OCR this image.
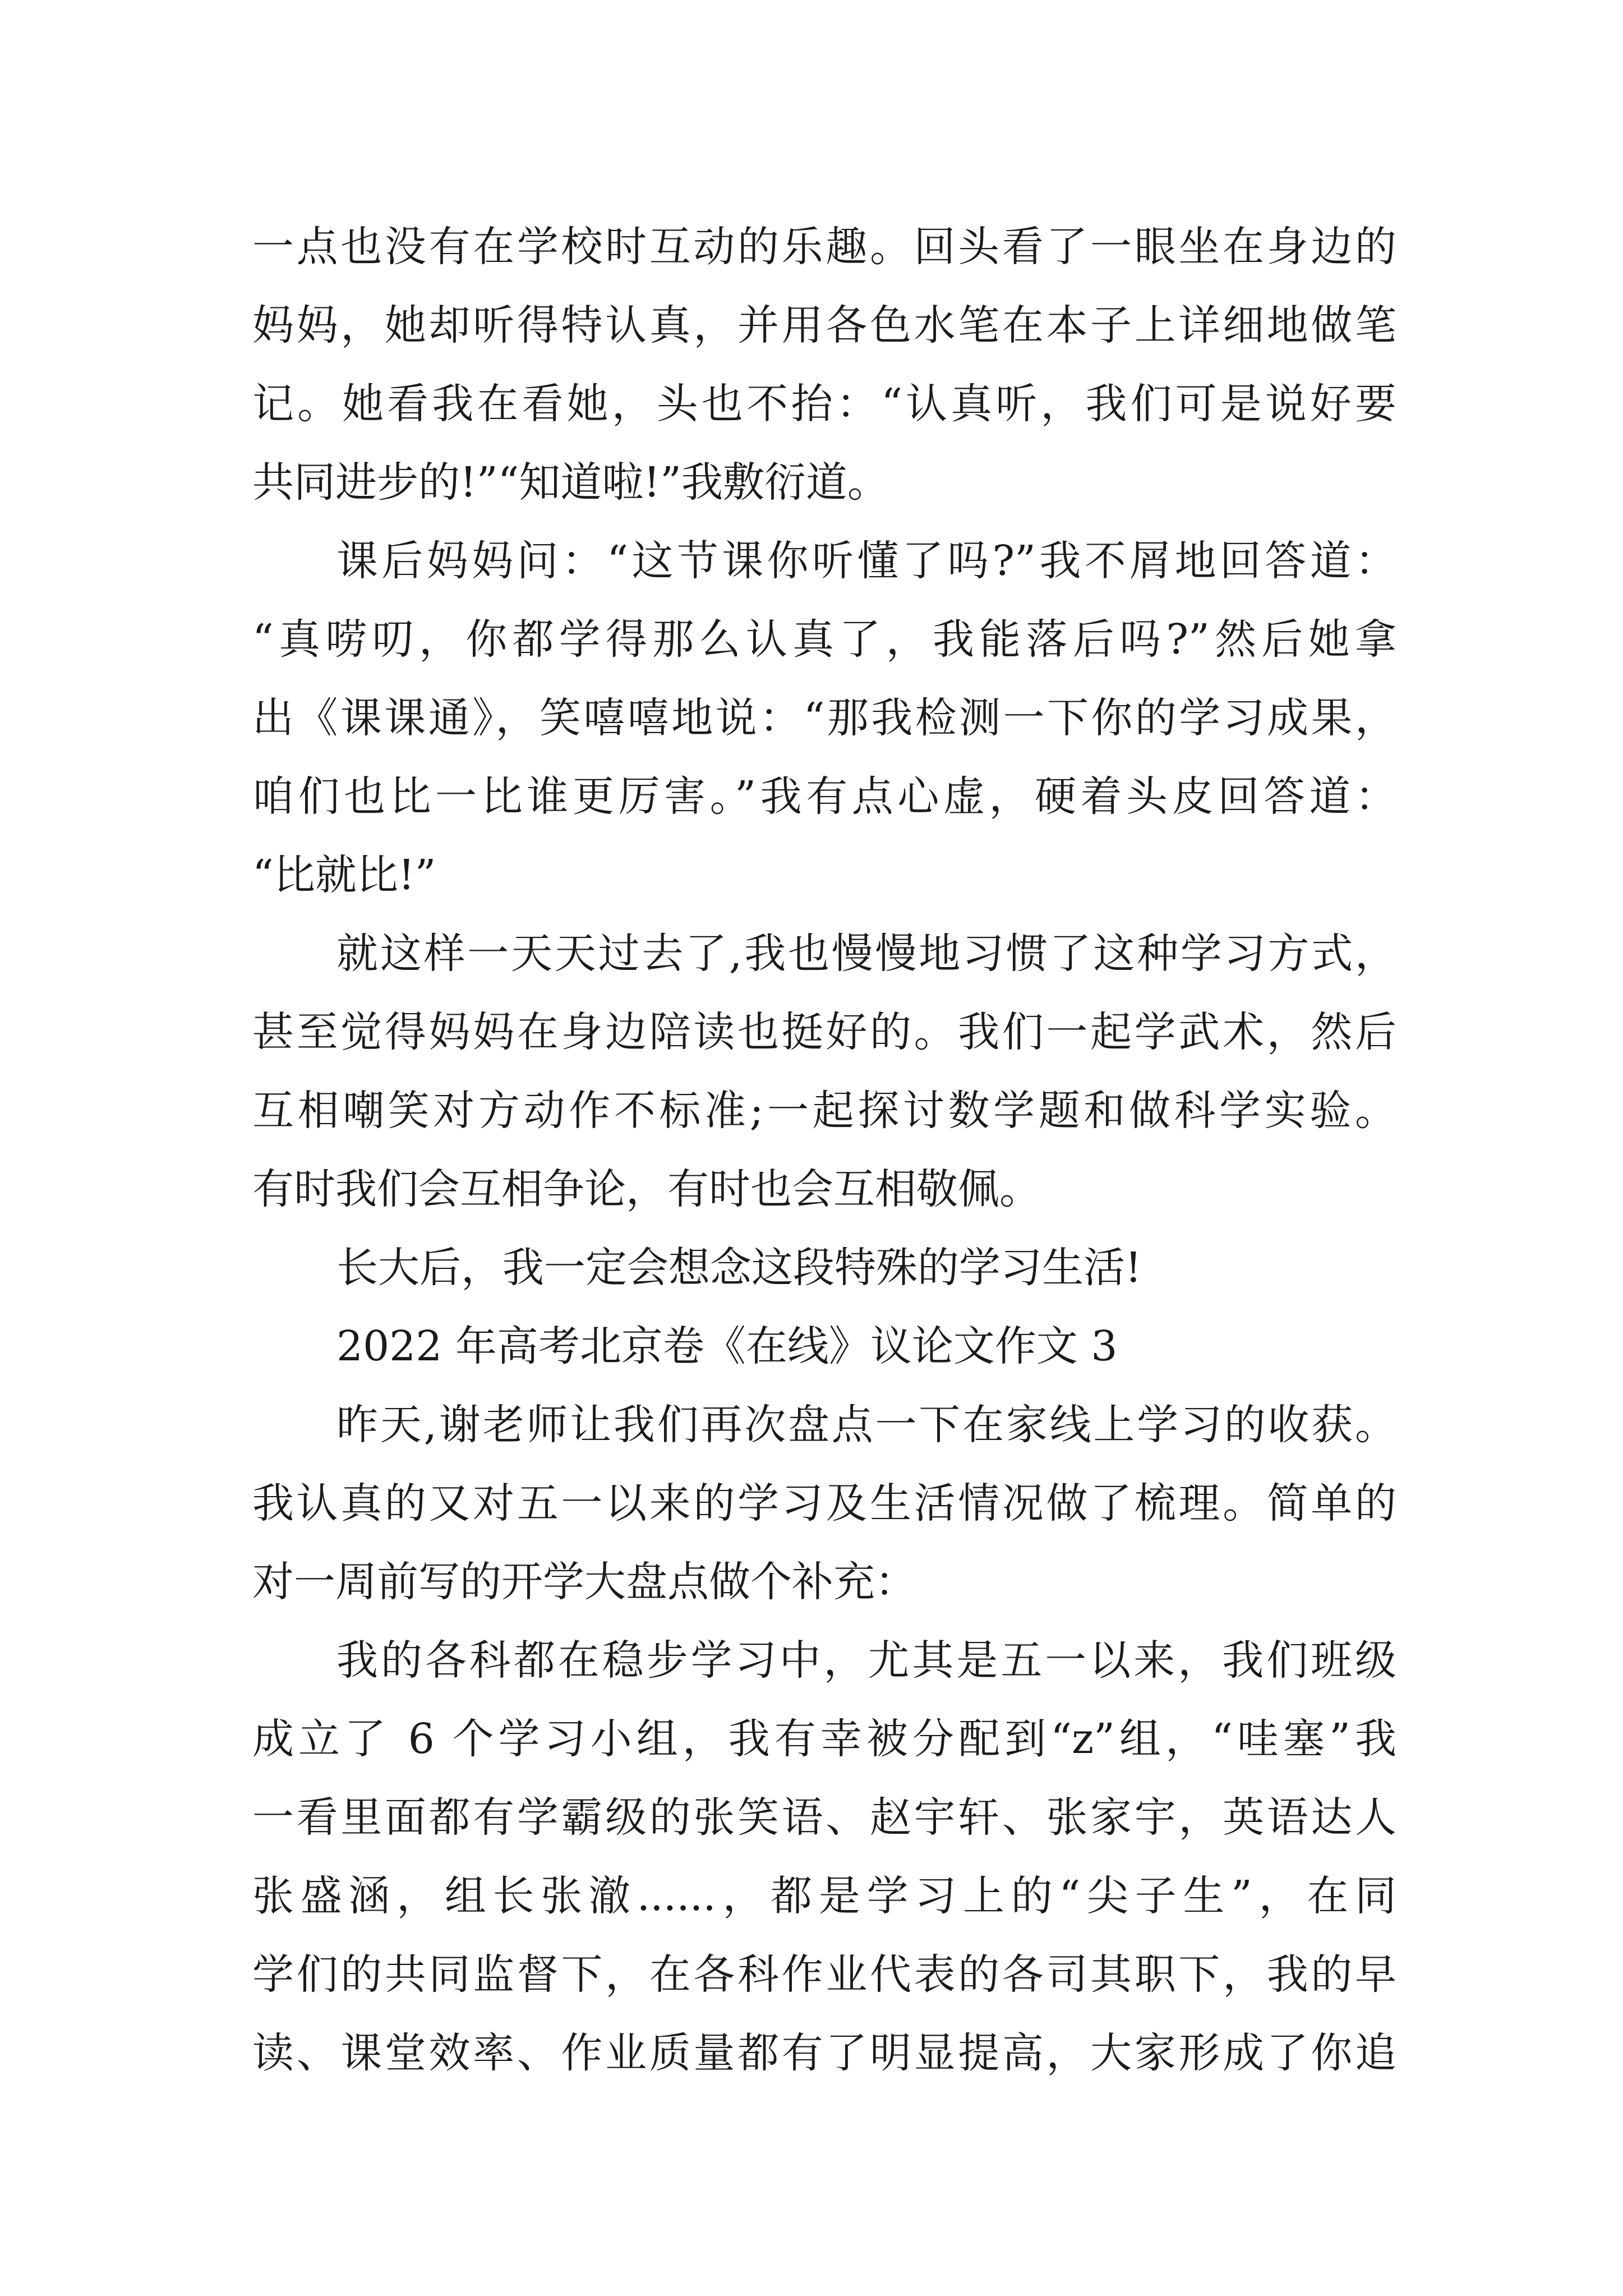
一点也没有在学校时互动的乐趣。回头看了一眼坐在身边的
妈妈，她却听得特认真，并用各色水笔在本子上详细地做笔
记。她看我在看她，头也不抬：“认真听，我们可是说好要
共同进步的!”“知道啦!”我敷衍道。
课后妈妈问：“这节课你听懂了吗?”我不屑地回答道：
“真唠叨，你都学得那么认真了，我能落后吗?”然后她拿
出《课课通》，笑嘻嘻地说：“那我检测一下你的学习成果，
咱们也比一比谁更厉害。”我有点心虚，硬着头皮回答道：
“比就比!”
就这样一天天过去了,我也慢慢地习惯了这种学习方式，
甚至觉得妈妈在身边陪读也挺好的。我们一起学武术，然后
互相嘲笑对方动作不标准;一起探讨数学题和做科学实验。
有时我们会互相争论，有时也会互相敬佩。
长大后，我一定会想念这段特殊的学习生活!
2022 年高考北京卷《在线》议论文作文 3
昨天,谢老师让我们再次盘点一下在家线上学习的收获。
我认真的又对五一以来的学习及生活情况做了梳理。简单的
对一周前写的开学大盘点做个补充：
我的各科都在稳步学习中，尤其是五一以来，我们班级
成立了 6 个学习小组，我有幸被分配到“z”组，“哇塞”我
一看里面都有学霸级的张笑语、赵宇轩、张家宇，英语达人
张盛涵，组长张澈......，都是学习上的“尖子生”，在同
学们的共同监督下，在各科作业代表的各司其职下，我的早
读、课堂效率、作业质量都有了明显提高，大家形成了你追
